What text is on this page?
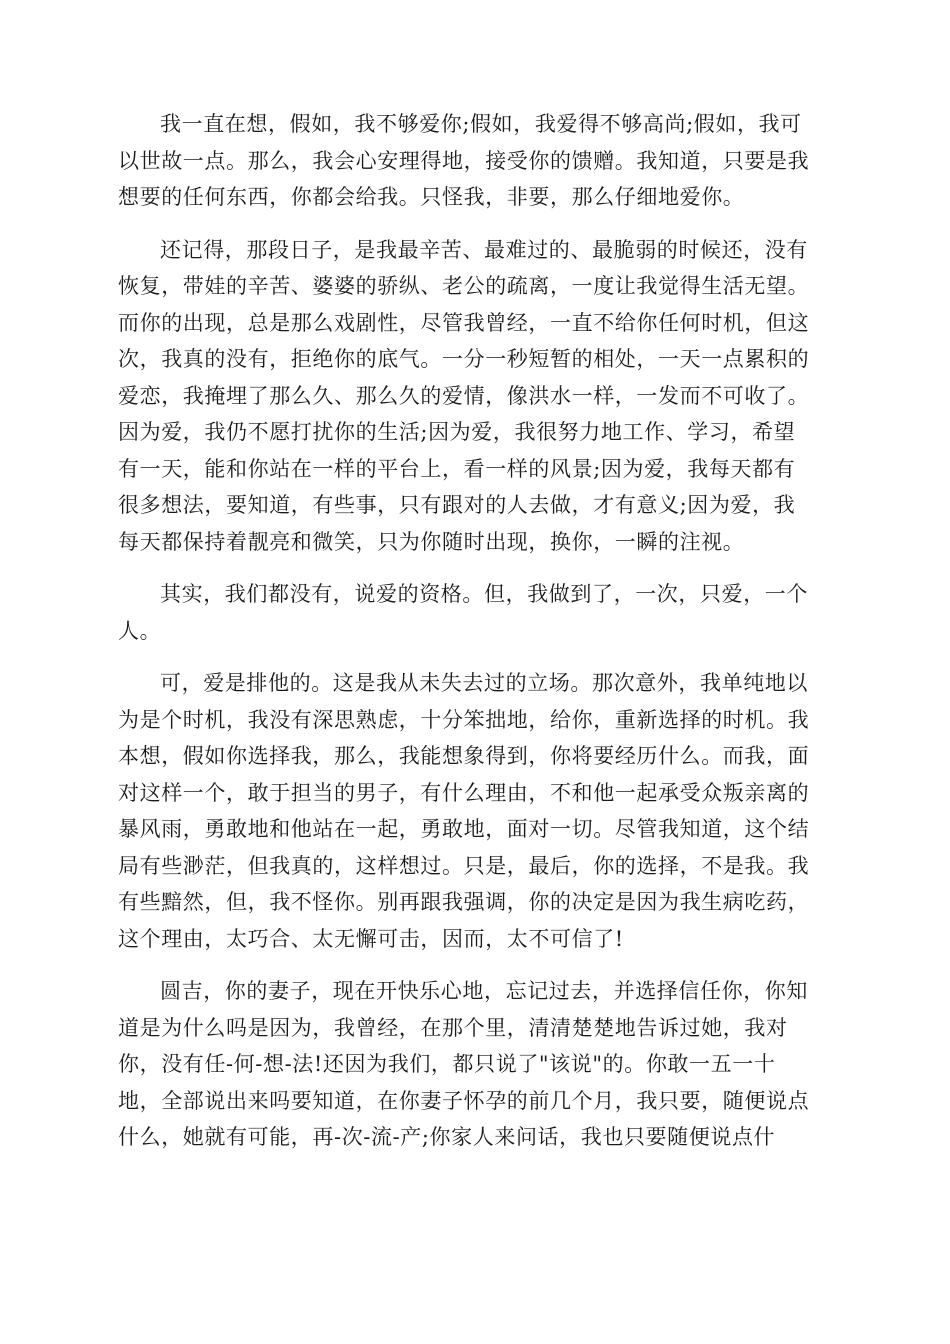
我一直在想，假如，我不够爱你;假如，我爱得不够高尚;假如，我可
以世故一点。那么，我会心安理得地，接受你的馈赠。我知道，只要是我
想要的任何东西，你都会给我。只怪我，非要，那么仔细地爱你。
还记得，那段日子，是我最辛苦、最难过的、最脆弱的时候还，没有
恢复，带娃的辛苦、婆婆的骄纵、老公的疏离，一度让我觉得生活无望。
而你的出现，总是那么戏剧性，尽管我曾经，一直不给你任何时机，但这
次，我真的没有，拒绝你的底气。一分一秒短暂的相处，一天一点累积的
爱恋，我掩埋了那么久、那么久的爱情，像洪水一样，一发而不可收了。
因为爱，我仍不愿打扰你的生活;因为爱，我很努力地工作、学习，希望
有一天，能和你站在一样的平台上，看一样的风景;因为爱，我每天都有
很多想法，要知道，有些事，只有跟对的人去做，才有意义;因为爱，我
每天都保持着靓亮和微笑，只为你随时出现，换你，一瞬的注视。
其实，我们都没有，说爱的资格。但，我做到了，一次，只爱，一个
人。
可，爱是排他的。这是我从未失去过的立场。那次意外，我单纯地以
为是个时机，我没有深思熟虑，十分笨拙地，给你，重新选择的时机。我
本想，假如你选择我，那么，我能想象得到，你将要经历什么。而我，面
对这样一个，敢于担当的男子，有什么理由，不和他一起承受众叛亲离的
暴风雨，勇敢地和他站在一起，勇敢地，面对一切。尽管我知道，这个结
局有些渺茫，但我真的，这样想过。只是，最后，你的选择，不是我。我
有些黯然，但，我不怪你。别再跟我强调，你的决定是因为我生病吃药，
这个理由，太巧合、太无懈可击，因而，太不可信了!
圆吉，你的妻子，现在开快乐心地，忘记过去，并选择信任你，你知
道是为什么吗是因为，我曾经，在那个里，清清楚楚地告诉过她，我对
你，没有任-何-想-法!还因为我们，都只说了"该说"的。你敢一五一十
地，全部说出来吗要知道，在你妻子怀孕的前几个月，我只要，随便说点
什么，她就有可能，再-次-流-产;你家人来问话，我也只要随便说点什
